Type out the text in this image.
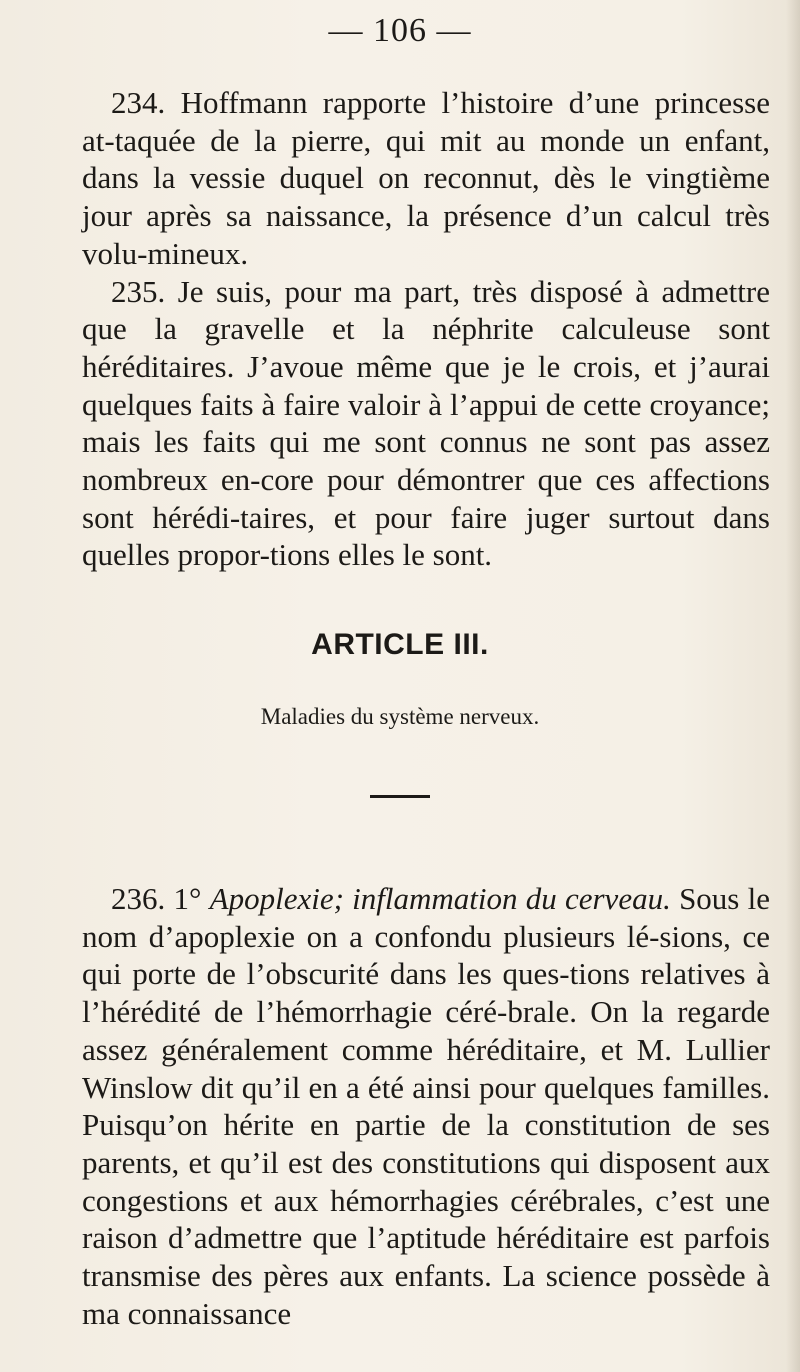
— 106 —

234. Hoffmann rapporte l’histoire d’une princesse at-taquée de la pierre, qui mit au monde un enfant, dans la vessie duquel on reconnut, dès le vingtième jour après sa naissance, la présence d’un calcul très volu-mineux.

235. Je suis, pour ma part, très disposé à admettre que la gravelle et la néphrite calculeuse sont héréditaires. J’avoue même que je le crois, et j’aurai quelques faits à faire valoir à l’appui de cette croyance; mais les faits qui me sont connus ne sont pas assez nombreux en-core pour démontrer que ces affections sont hérédi-taires, et pour faire juger surtout dans quelles propor-tions elles le sont.

ARTICLE III.
Maladies du système nerveux.

236. 1° Apoplexie; inflammation du cerveau. Sous le nom d’apoplexie on a confondu plusieurs lé-sions, ce qui porte de l’obscurité dans les ques-tions relatives à l’hérédité de l’hémorrhagie céré-brale. On la regarde assez généralement comme héréditaire, et M. Lullier Winslow dit qu’il en a été ainsi pour quelques familles. Puisqu’on hérite en partie de la constitution de ses parents, et qu’il est des constitutions qui disposent aux congestions et aux hémorrhagies cérébrales, c’est une raison d’admettre que l’aptitude héréditaire est parfois transmise des pères aux enfants. La science possède à ma connaissance
